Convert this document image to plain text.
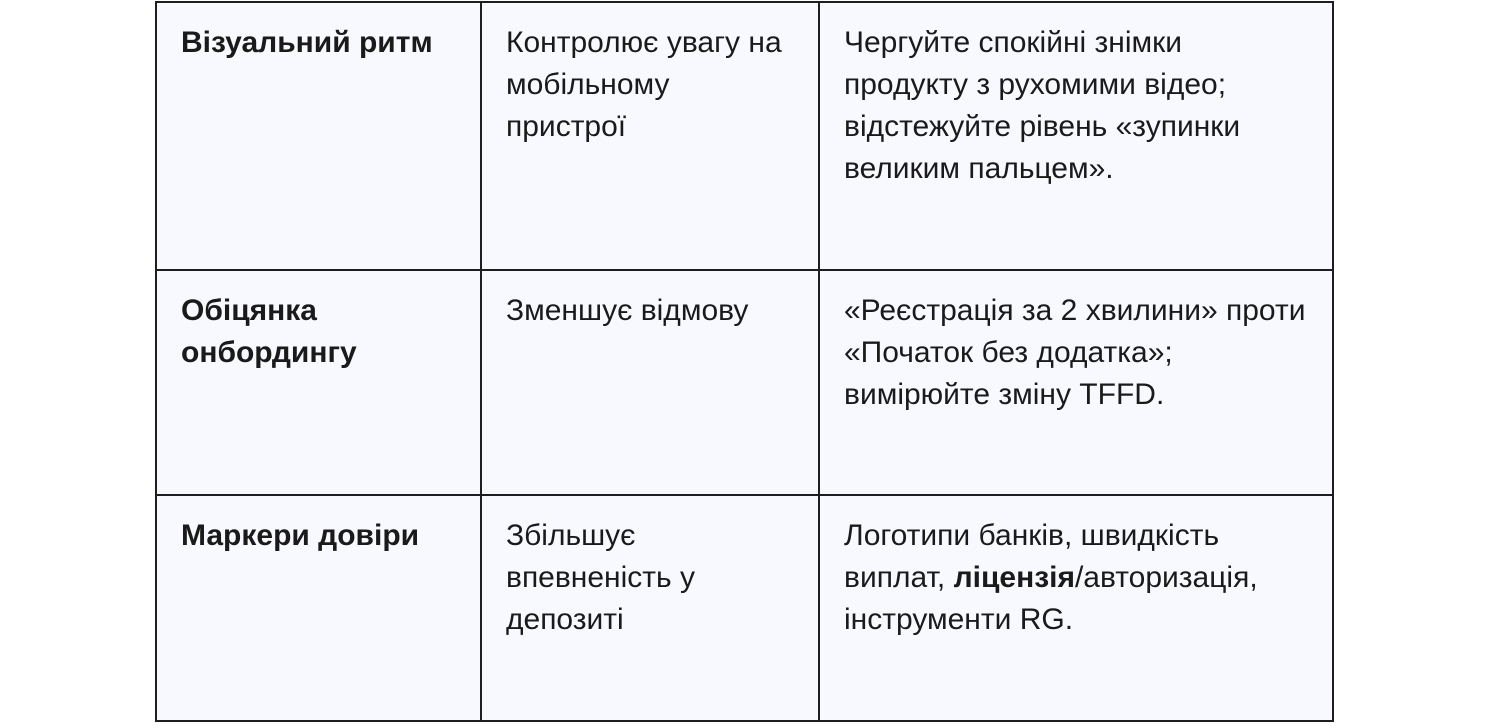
Візуальний ритм	Контролює увагу на мобільному пристрої	Чергуйте спокійні знімки продукту з рухомими відео; відстежуйте рівень «зупинки великим пальцем».
Обіцянка онбордингу	Зменшує відмову	«Реєстрація за 2 хвилини» проти «Початок без додатка»; вимірюйте зміну TFFD.
Маркери довіри	Збільшує впевненість у депозиті	Логотипи банків, швидкість виплат, ліцензія/авторизація, інструменти RG.
